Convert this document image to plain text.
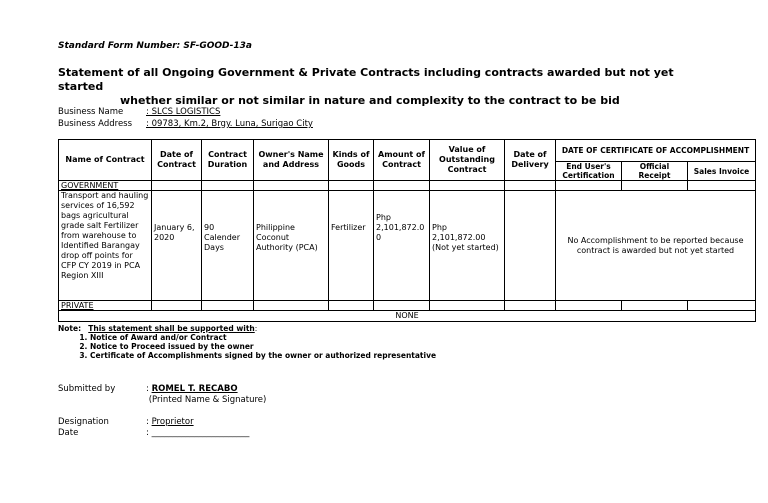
Standard Form Number: SF-GOOD-13a
Statement of all Ongoing Government & Private Contracts including contracts awarded but not yet started
whether similar or not similar in nature and complexity to the contract to be bid
Business Name	: SLCS LOGISTICS
Business Address	: 09783, Km.2, Brgy. Luna, Surigao City
Name of Contract	Date of Contract	Contract Duration	Owner's Name and Address	Kinds of Goods	Amount of Contract	Value of Outstanding Contract	Date of Delivery	DATE OF CERTIFICATE OF ACCOMPLISHMENT		
								End User's Certification	Official Receipt	Sales Invoice
GOVERNMENT										
Transport and hauling services of 16,592 bags agricultural grade salt Fertilizer from warehouse to Identified Barangay drop off points for CFP CY 2019 in PCA Region XIII	January 6, 2020	90 Calender Days	Philippine Coconut Authority (PCA)	Fertilizer	Php 2,101,872.00	Php 2,101,872.00 (Not yet started)		No Accomplishment to be reported because contract is awarded but not yet started		
PRIVATE										
NONE										
Note: This statement shall be supported with:
1. Notice of Award and/or Contract
2. Notice to Proceed issued by the owner
3. Certificate of Accomplishments signed by the owner or authorized representative
Submitted by	: ROMEL T. RECABO
(Printed Name & Signature)
Designation	: Proprietor
Date	: _______________________
